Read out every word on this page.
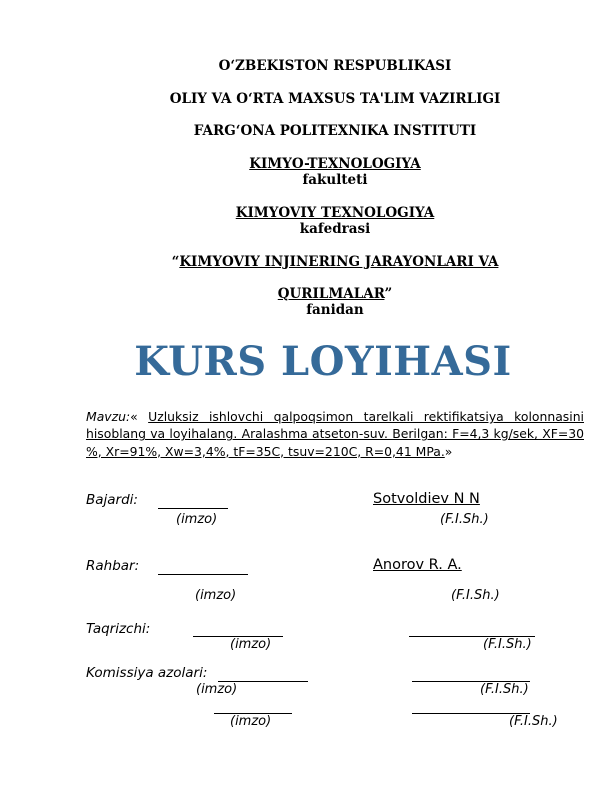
O‘ZBEKISTON RESPUBLIKASI
OLIY VA O‘RTA MAXSUS TA'LIM VAZIRLIGI
FARG‘ONA POLITEXNIKA INSTITUTI
KIMYO-TEXNOLOGIYA
fakulteti
KIMYOVIY TEXNOLOGIYA
kafedrasi
“KIMYOVIY INJINERING JARAYONLARI VA
QURILMALAR”
fanidan
KURS LOYIHASI
Mavzu:« Uzluksiz ishlovchi qalpoqsimon tarelkali rektifikatsiya kolonnasini hisoblang va loyihalang. Aralashma atseton-suv. Berilgan: F=4,3 kg/sek, XF=30 %, Xr=91%, Xw=3,4%, tF=35C, tsuv=210C, R=0,41 MPa.»
Bajardi:	Sotvoldiev N N
(imzo)	(F.I.Sh.)
Rahbar:	Anorov R. A.
(imzo)	(F.I.Sh.)
Taqrizchi:
(imzo)	(F.I.Sh.)
Komissiya azolari:
(imzo)	(F.I.Sh.)
(imzo)	(F.I.Sh.)
